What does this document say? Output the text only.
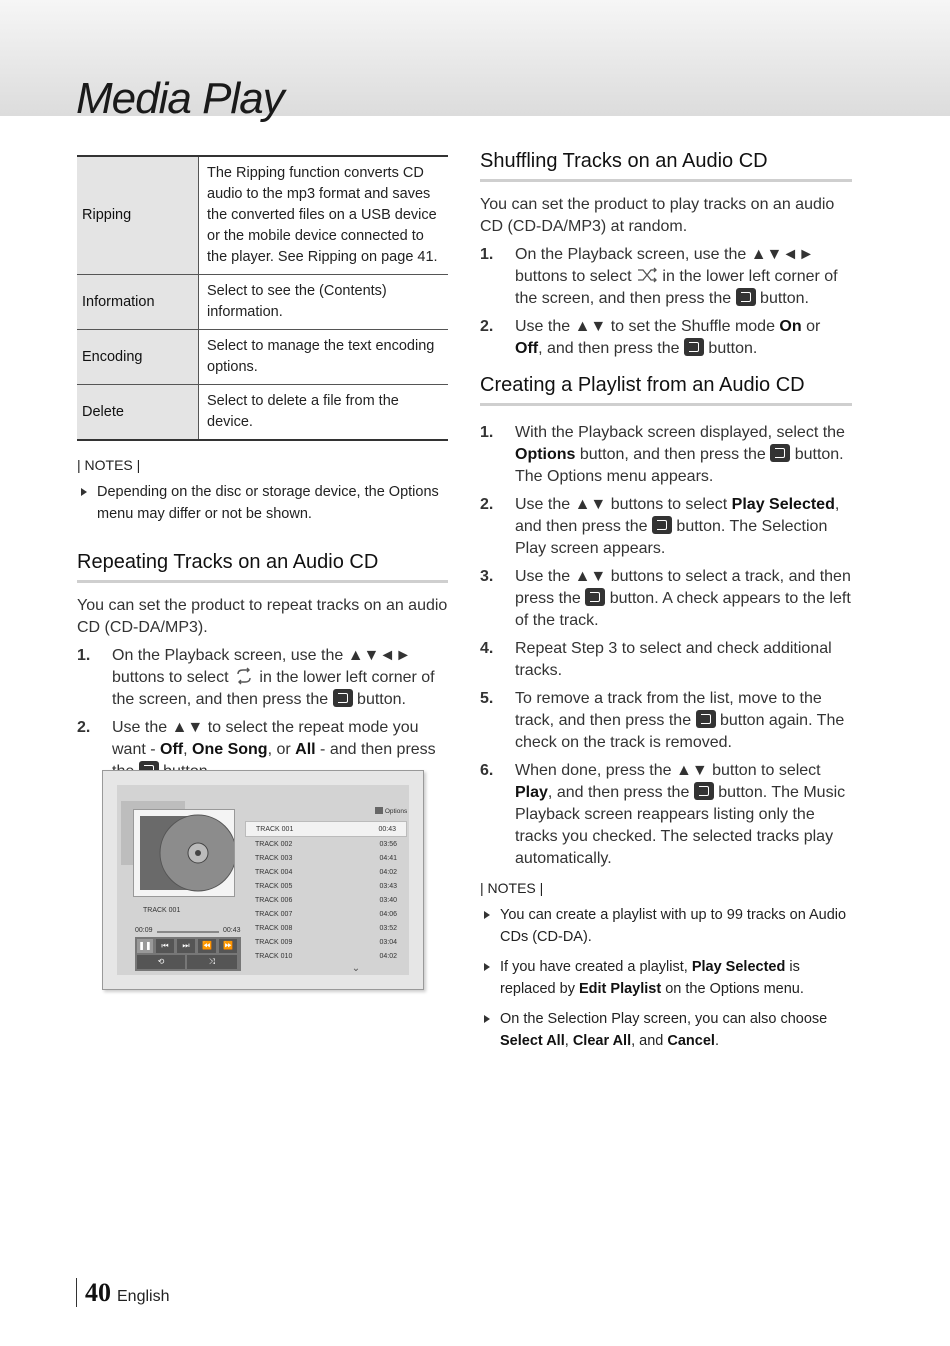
Media Play
Ripping	The Ripping function converts CD audio to the mp3 format and saves the converted files on a USB device or the mobile device connected to the player. See Ripping on page 41.
Information	Select to see the (Contents) information.
Encoding	Select to manage the text encoding options.
Delete	Select to delete a file from the device.
| NOTES |
Depending on the disc or storage device, the Options menu may differ or not be shown.
Repeating Tracks on an Audio CD
You can set the product to repeat tracks on an audio CD (CD-DA/MP3).
1. On the Playback screen, use the ▲▼◄► buttons to select  in the lower left corner of the screen, and then press the  button.
2. Use the ▲▼ to select the repeat mode you want - Off, One Song, or All - and then press
TRACK 001
00:09	00:43
❚❚	⏮	⏭	⏪	⏩
⟲	⤨
Options
TRACK 001	00:43
TRACK 002	03:56
TRACK 003	04:41
TRACK 004	04:02
TRACK 005	03:43
TRACK 006	03:40
TRACK 007	04:06
TRACK 008	03:52
TRACK 009	03:04
TRACK 010	04:02
⌄
Shuffling Tracks on an Audio CD
You can set the product to play tracks on an audio CD (CD-DA/MP3) at random.
1. On the Playback screen, use the ▲▼◄► buttons to select  in the lower left corner of the screen, and then press the  button.
2. Use the ▲▼ to set the Shuffle mode On or Off, and then press the  button.
Creating a Playlist from an Audio CD
1. With the Playback screen displayed, select the Options button, and then press the  button. The Options menu appears.
2. Use the ▲▼ buttons to select Play Selected, and then press the  button. The Selection Play screen appears.
3. Use the ▲▼ buttons to select a track, and then press the  button. A check appears to the left of the track.
4. Repeat Step 3 to select and check additional tracks.
5. To remove a track from the list, move to the track, and then press the  button again. The check on the track is removed.
6. When done, press the ▲▼ button to select Play, and then press the  button. The Music Playback screen reappears listing only the tracks you checked. The selected tracks play automatically.
| NOTES |
You can create a playlist with up to 99 tracks on Audio CDs (CD-DA).
If you have created a playlist, Play Selected is replaced by Edit Playlist on the Options menu.
On the Selection Play screen, you can also choose Select All, Clear All, and Cancel.
40 English
